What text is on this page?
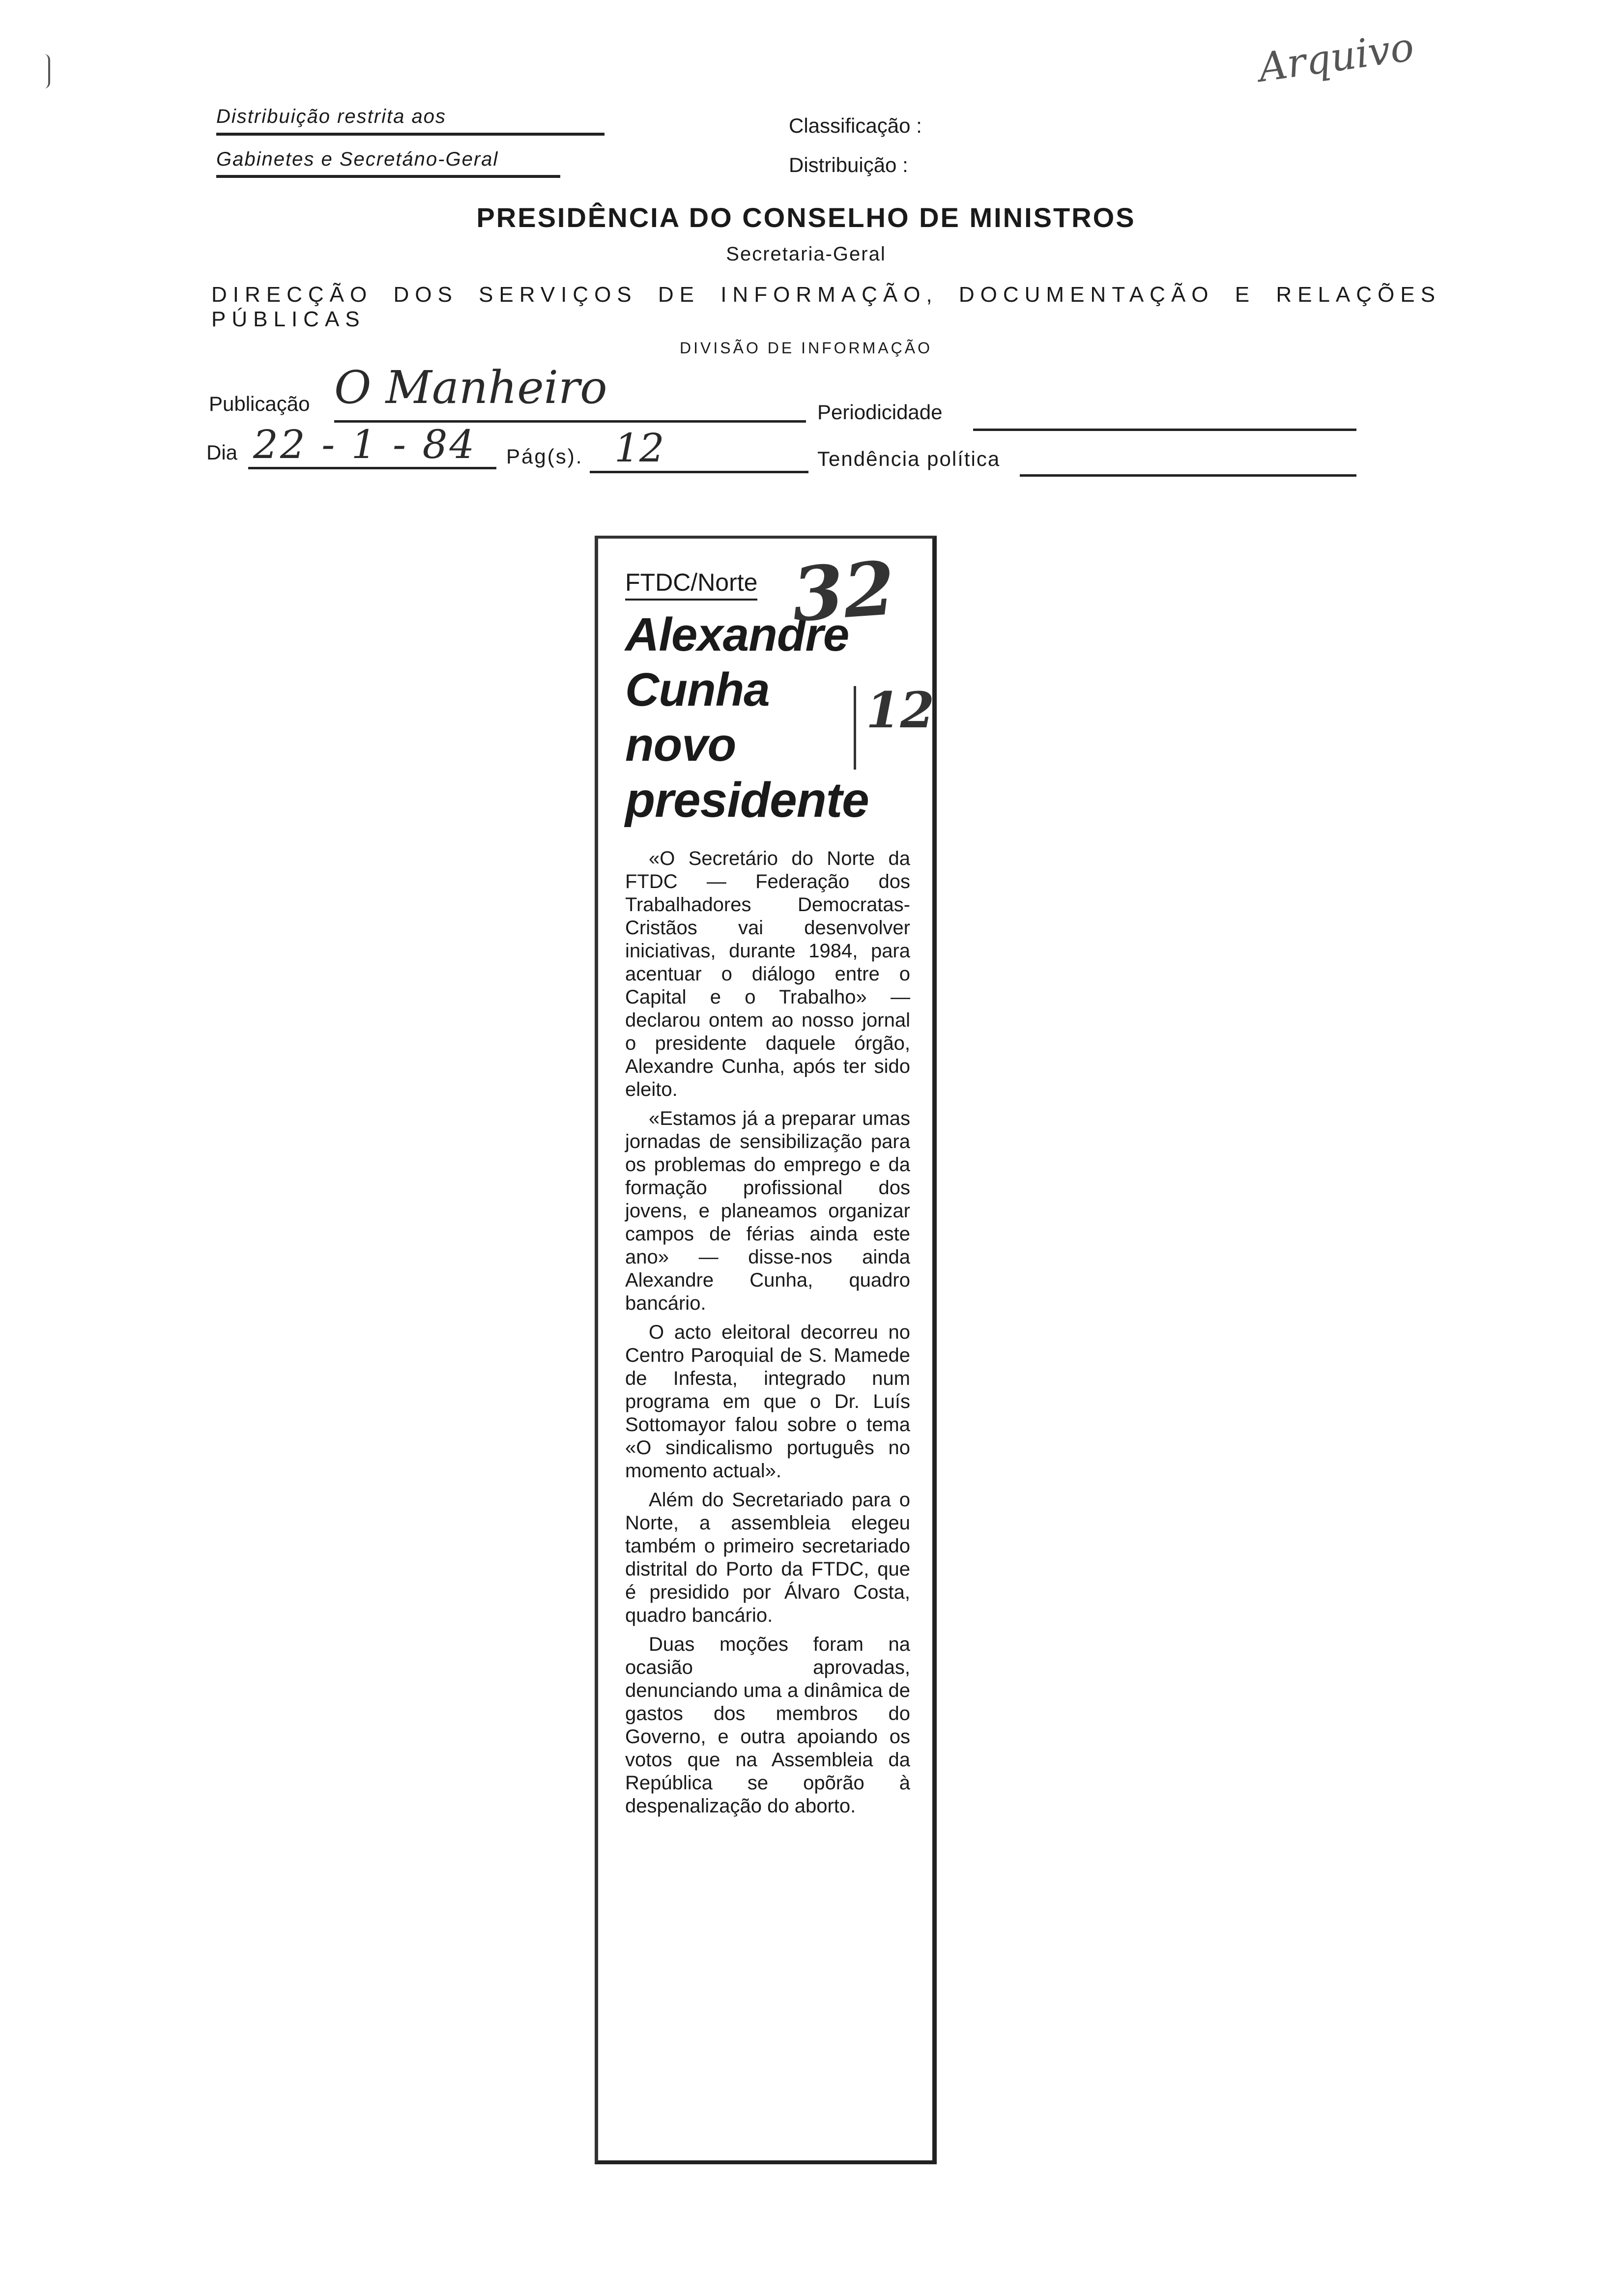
Arquivo
Distribuição restrita aos
Gabinetes e Secretáno-Geral
Classificação :
Distribuição :
PRESIDÊNCIA DO CONSELHO DE MINISTROS
Secretaria-Geral
DIRECÇÃO DOS SERVIÇOS DE INFORMAÇÃO, DOCUMENTAÇÃO E RELAÇÕES PÚBLICAS
DIVISÃO DE INFORMAÇÃO
Publicação O Manheiro	Periodicidade
Dia 22 - 1 - 84 Pág(s). 12	Tendência política
FTDC/Norte
Alexandre
Cunha
novo
presidente

«O Secretário do Norte da FTDC — Federação dos Trabalhadores Democratas-Cristãos vai desenvolver iniciativas, durante 1984, para acentuar o diálogo entre o Capital e o Trabalho» — declarou ontem ao nosso jornal o presidente daquele órgão, Alexandre Cunha, após ter sido eleito.

«Estamos já a preparar umas jornadas de sensibilização para os problemas do emprego e da formação profissional dos jovens, e planeamos organizar campos de férias ainda este ano» — disse-nos ainda Alexandre Cunha, quadro bancário.

O acto eleitoral decorreu no Centro Paroquial de S. Mamede de Infesta, integrado num programa em que o Dr. Luís Sottomayor falou sobre o tema «O sindicalismo português no momento actual».

Além do Secretariado para o Norte, a assembleia elegeu também o primeiro secretariado distrital do Porto da FTDC, que é presidido por Álvaro Costa, quadro bancário.

Duas moções foram na ocasião aprovadas, denunciando uma a dinâmica de gastos dos membros do Governo, e outra apoiando os votos que na Assembleia da República se opõrão à despenalização do aborto.

32
12
